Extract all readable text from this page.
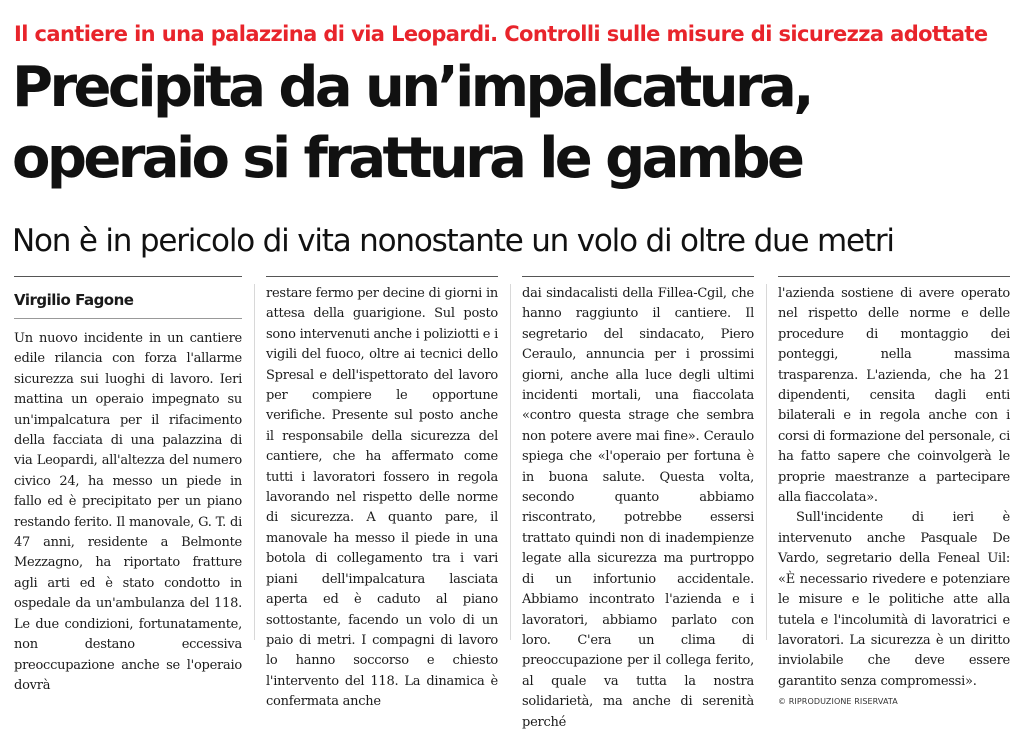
Il cantiere in una palazzina di via Leopardi. Controlli sulle misure di sicurezza adottate
Precipita da un’impalcatura,
operaio si frattura le gambe
Non è in pericolo di vita nonostante un volo di oltre due metri
Virgilio Fagone

Un nuovo incidente in un cantiere edile rilancia con forza l'allarme sicurezza sui luoghi di lavoro. Ieri mattina un operaio impegnato su un'impalcatura per il rifacimento della facciata di una palazzina di via Leopardi, all'altezza del numero civico 24, ha messo un piede in fallo ed è precipitato per un piano restando ferito. Il manovale, G. T. di 47 anni, residente a Belmonte Mezzagno, ha riportato fratture agli arti ed è stato condotto in ospedale da un'ambulanza del 118. Le due condizioni, fortunatamente, non destano eccessiva preoccupazione anche se l'operaio dovrà

restare fermo per decine di giorni in attesa della guarigione. Sul posto sono intervenuti anche i poliziotti e i vigili del fuoco, oltre ai tecnici dello Spresal e dell'ispettorato del lavoro per compiere le opportune verifiche. Presente sul posto anche il responsabile della sicurezza del cantiere, che ha affermato come tutti i lavoratori fossero in regola lavorando nel rispetto delle norme di sicurezza. A quanto pare, il manovale ha messo il piede in una botola di collegamento tra i vari piani dell'impalcatura lasciata aperta ed è caduto al piano sottostante, facendo un volo di un paio di metri. I compagni di lavoro lo hanno soccorso e chiesto l'intervento del 118. La dinamica è confermata anche

dai sindacalisti della Fillea-Cgil, che hanno raggiunto il cantiere. Il segretario del sindacato, Piero Ceraulo, annuncia per i prossimi giorni, anche alla luce degli ultimi incidenti mortali, una fiaccolata «contro questa strage che sembra non potere avere mai fine». Ceraulo spiega che «l'operaio per fortuna è in buona salute. Questa volta, secondo quanto abbiamo riscontrato, potrebbe essersi trattato quindi non di inadempienze legate alla sicurezza ma purtroppo di un infortunio accidentale. Abbiamo incontrato l'azienda e i lavoratori, abbiamo parlato con loro. C'era un clima di preoccupazione per il collega ferito, al quale va tutta la nostra solidarietà, ma anche di serenità perché

l'azienda sostiene di avere operato nel rispetto delle norme e delle procedure di montaggio dei ponteggi, nella massima trasparenza. L'azienda, che ha 21 dipendenti, censita dagli enti bilaterali e in regola anche con i corsi di formazione del personale, ci ha fatto sapere che coinvolgerà le proprie maestranze a partecipare alla fiaccolata».

Sull'incidente di ieri è intervenuto anche Pasquale De Vardo, segretario della Feneal Uil: «È necessario rivedere e potenziare le misure e le politiche atte alla tutela e l'incolumità di lavoratrici e lavoratori. La sicurezza è un diritto inviolabile che deve essere garantito senza compromessi».

© RIPRODUZIONE RISERVATA
